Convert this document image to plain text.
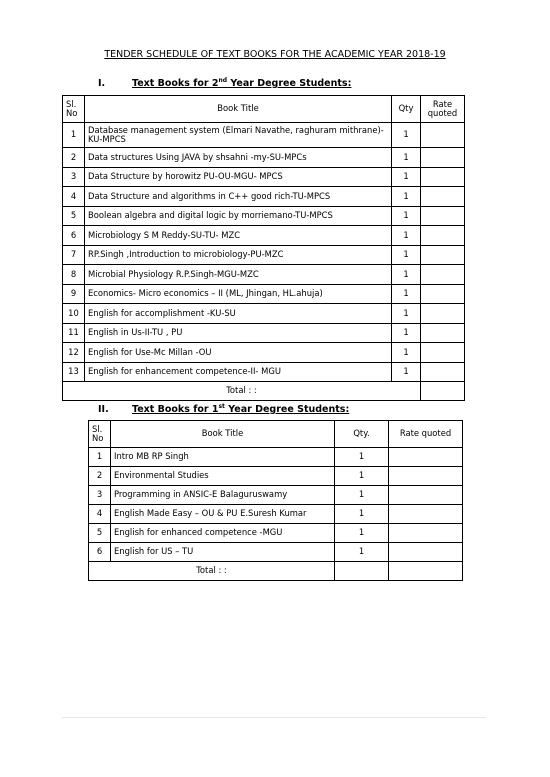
TENDER SCHEDULE OF TEXT BOOKS FOR THE ACADEMIC YEAR 2018-19
I.	Text Books for 2nd Year Degree Students:
Sl. No	Book Title	Qty	Rate quoted
1	Database management system (Elmari Navathe, raghuram mithrane)- KU-MPCS	1	
2	Data structures Using JAVA by shsahni -my-SU-MPCs	1	
3	Data Structure by horowitz PU-OU-MGU- MPCS	1	
4	Data Structure and algorithms in C++ good rich-TU-MPCS	1	
5	Boolean algebra and digital logic by morriemano-TU-MPCS	1	
6	Microbiology S M Reddy-SU-TU- MZC	1	
7	RP.Singh ,Introduction to microbiology-PU-MZC	1	
8	Microbial Physiology R.P.Singh-MGU-MZC	1	
9	Economics- Micro economics – II (ML, Jhingan, HL.ahuja)	1	
10	English for accomplishment -KU-SU	1	
11	English in Us-II-TU , PU	1	
12	English for Use-Mc Millan -OU	1	
13	English for enhancement competence-II- MGU	1	
Total : :			
II. Text Books for 1st Year Degree Students:
Sl. No	Book Title	Qty.	Rate quoted
1	Intro MB RP Singh	1	
2	Environmental Studies	1	
3	Programming in ANSIC-E Balaguruswamy	1	
4	English Made Easy – OU & PU E.Suresh Kumar	1	
5	English for enhanced competence -MGU	1	
6	English for US – TU	1	
Total : :			
